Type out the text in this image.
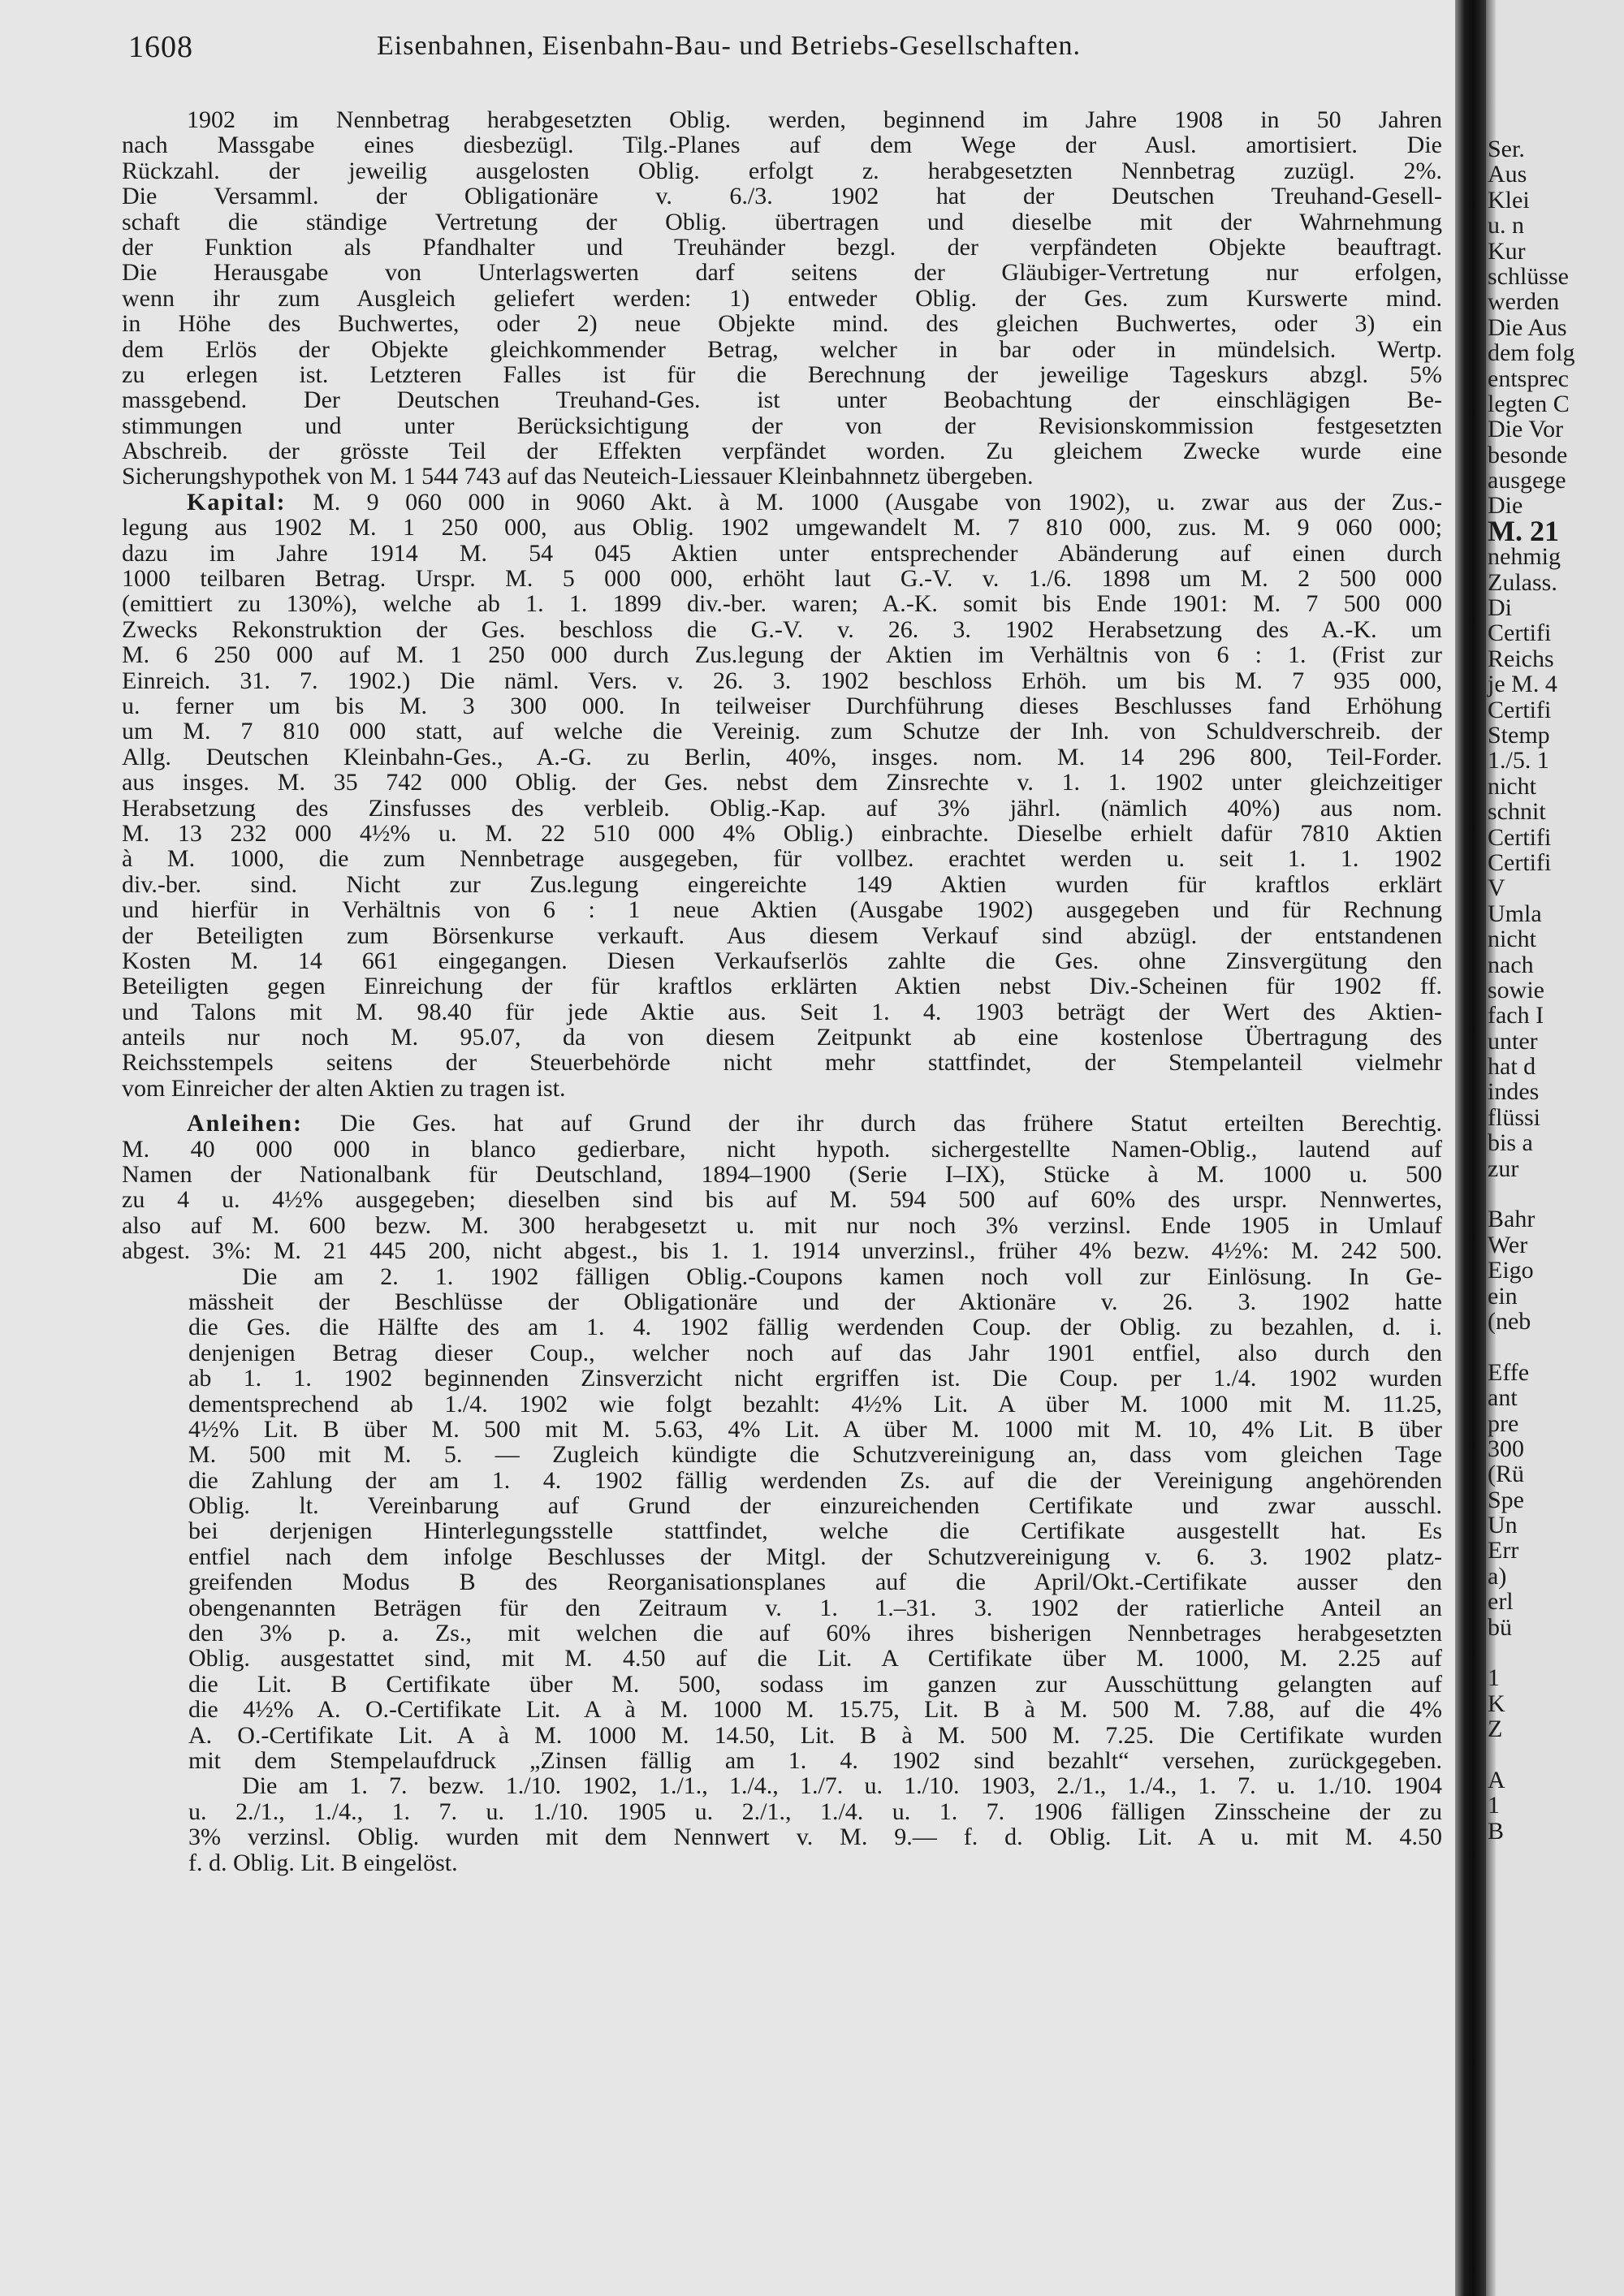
1608	Eisenbahnen, Eisenbahn-Bau- und Betriebs-Gesellschaften.
1902 im Nennbetrag herabgesetzten Oblig. werden, beginnend im Jahre 1908 in 50 Jahren
nach Massgabe eines diesbezügl. Tilg.-Planes auf dem Wege der Ausl. amortisiert. Die
Rückzahl. der jeweilig ausgelosten Oblig. erfolgt z. herabgesetzten Nennbetrag zuzügl. 2%.
Die Versamml. der Obligationäre v. 6./3. 1902 hat der Deutschen Treuhand-Gesell-
schaft die ständige Vertretung der Oblig. übertragen und dieselbe mit der Wahrnehmung
der Funktion als Pfandhalter und Treuhänder bezgl. der verpfändeten Objekte beauftragt.
Die Herausgabe von Unterlagswerten darf seitens der Gläubiger-Vertretung nur erfolgen,
wenn ihr zum Ausgleich geliefert werden: 1) entweder Oblig. der Ges. zum Kurswerte mind.
in Höhe des Buchwertes, oder 2) neue Objekte mind. des gleichen Buchwertes, oder 3) ein
dem Erlös der Objekte gleichkommender Betrag, welcher in bar oder in mündelsich. Wertp.
zu erlegen ist. Letzteren Falles ist für die Berechnung der jeweilige Tageskurs abzgl. 5%
massgebend. Der Deutschen Treuhand-Ges. ist unter Beobachtung der einschlägigen Be-
stimmungen und unter Berücksichtigung der von der Revisionskommission festgesetzten
Abschreib. der grösste Teil der Effekten verpfändet worden. Zu gleichem Zwecke wurde eine
Sicherungshypothek von M. 1 544 743 auf das Neuteich-Liessauer Kleinbahnnetz übergeben.
Kapital: M. 9 060 000 in 9060 Akt. à M. 1000 (Ausgabe von 1902), u. zwar aus der Zus.-
legung aus 1902 M. 1 250 000, aus Oblig. 1902 umgewandelt M. 7 810 000, zus. M. 9 060 000;
dazu im Jahre 1914 M. 54 045 Aktien unter entsprechender Abänderung auf einen durch
1000 teilbaren Betrag. Urspr. M. 5 000 000, erhöht laut G.-V. v. 1./6. 1898 um M. 2 500 000
(emittiert zu 130%), welche ab 1. 1. 1899 div.-ber. waren; A.-K. somit bis Ende 1901: M. 7 500 000
Zwecks Rekonstruktion der Ges. beschloss die G.-V. v. 26. 3. 1902 Herabsetzung des A.-K. um
M. 6 250 000 auf M. 1 250 000 durch Zus.legung der Aktien im Verhältnis von 6 : 1. (Frist zur
Einreich. 31. 7. 1902.) Die näml. Vers. v. 26. 3. 1902 beschloss Erhöh. um bis M. 7 935 000,
u. ferner um bis M. 3 300 000. In teilweiser Durchführung dieses Beschlusses fand Erhöhung
um M. 7 810 000 statt, auf welche die Vereinig. zum Schutze der Inh. von Schuldverschreib. der
Allg. Deutschen Kleinbahn-Ges., A.-G. zu Berlin, 40%, insges. nom. M. 14 296 800, Teil-Forder.
aus insges. M. 35 742 000 Oblig. der Ges. nebst dem Zinsrechte v. 1. 1. 1902 unter gleichzeitiger
Herabsetzung des Zinsfusses des verbleib. Oblig.-Kap. auf 3% jährl. (nämlich 40%) aus nom.
M. 13 232 000 4½% u. M. 22 510 000 4% Oblig.) einbrachte. Dieselbe erhielt dafür 7810 Aktien
à M. 1000, die zum Nennbetrage ausgegeben, für vollbez. erachtet werden u. seit 1. 1. 1902
div.-ber. sind. Nicht zur Zus.legung eingereichte 149 Aktien wurden für kraftlos erklärt
und hierfür in Verhältnis von 6 : 1 neue Aktien (Ausgabe 1902) ausgegeben und für Rechnung
der Beteiligten zum Börsenkurse verkauft. Aus diesem Verkauf sind abzügl. der entstandenen
Kosten M. 14 661 eingegangen. Diesen Verkaufserlös zahlte die Ges. ohne Zinsvergütung den
Beteiligten gegen Einreichung der für kraftlos erklärten Aktien nebst Div.-Scheinen für 1902 ff.
und Talons mit M. 98.40 für jede Aktie aus. Seit 1. 4. 1903 beträgt der Wert des Aktien-
anteils nur noch M. 95.07, da von diesem Zeitpunkt ab eine kostenlose Übertragung des
Reichsstempels seitens der Steuerbehörde nicht mehr stattfindet, der Stempelanteil vielmehr
vom Einreicher der alten Aktien zu tragen ist.
Anleihen: Die Ges. hat auf Grund der ihr durch das frühere Statut erteilten Berechtig.
M. 40 000 000 in blanco gedierbare, nicht hypoth. sichergestellte Namen-Oblig., lautend auf
Namen der Nationalbank für Deutschland, 1894–1900 (Serie I–IX), Stücke à M. 1000 u. 500
zu 4 u. 4½% ausgegeben; dieselben sind bis auf M. 594 500 auf 60% des urspr. Nennwertes,
also auf M. 600 bezw. M. 300 herabgesetzt u. mit nur noch 3% verzinsl. Ende 1905 in Umlauf
abgest. 3%: M. 21 445 200, nicht abgest., bis 1. 1. 1914 unverzinsl., früher 4% bezw. 4½%: M. 242 500.
Die am 2. 1. 1902 fälligen Oblig.-Coupons kamen noch voll zur Einlösung. In Ge-
mässheit der Beschlüsse der Obligationäre und der Aktionäre v. 26. 3. 1902 hatte
die Ges. die Hälfte des am 1. 4. 1902 fällig werdenden Coup. der Oblig. zu bezahlen, d. i.
denjenigen Betrag dieser Coup., welcher noch auf das Jahr 1901 entfiel, also durch den
ab 1. 1. 1902 beginnenden Zinsverzicht nicht ergriffen ist. Die Coup. per 1./4. 1902 wurden
dementsprechend ab 1./4. 1902 wie folgt bezahlt: 4½% Lit. A über M. 1000 mit M. 11.25,
4½% Lit. B über M. 500 mit M. 5.63, 4% Lit. A über M. 1000 mit M. 10, 4% Lit. B über
M. 500 mit M. 5. — Zugleich kündigte die Schutzvereinigung an, dass vom gleichen Tage
die Zahlung der am 1. 4. 1902 fällig werdenden Zs. auf die der Vereinigung angehörenden
Oblig. lt. Vereinbarung auf Grund der einzureichenden Certifikate und zwar ausschl.
bei derjenigen Hinterlegungsstelle stattfindet, welche die Certifikate ausgestellt hat. Es
entfiel nach dem infolge Beschlusses der Mitgl. der Schutzvereinigung v. 6. 3. 1902 platz-
greifenden Modus B des Reorganisationsplanes auf die April/Okt.-Certifikate ausser den
obengenannten Beträgen für den Zeitraum v. 1. 1.–31. 3. 1902 der ratierliche Anteil an
den 3% p. a. Zs., mit welchen die auf 60% ihres bisherigen Nennbetrages herabgesetzten
Oblig. ausgestattet sind, mit M. 4.50 auf die Lit. A Certifikate über M. 1000, M. 2.25 auf
die Lit. B Certifikate über M. 500, sodass im ganzen zur Ausschüttung gelangten auf
die 4½% A. O.-Certifikate Lit. A à M. 1000 M. 15.75, Lit. B à M. 500 M. 7.88, auf die 4%
A. O.-Certifikate Lit. A à M. 1000 M. 14.50, Lit. B à M. 500 M. 7.25. Die Certifikate wurden
mit dem Stempelaufdruck „Zinsen fällig am 1. 4. 1902 sind bezahlt“ versehen, zurückgegeben.
Die am 1. 7. bezw. 1./10. 1902, 1./1., 1./4., 1./7. u. 1./10. 1903, 2./1., 1./4., 1. 7. u. 1./10. 1904
u. 2./1., 1./4., 1. 7. u. 1./10. 1905 u. 2./1., 1./4. u. 1. 7. 1906 fälligen Zinsscheine der zu
3% verzinsl. Oblig. wurden mit dem Nennwert v. M. 9.— f. d. Oblig. Lit. A u. mit M. 4.50
f. d. Oblig. Lit. B eingelöst.
Ser.
Aus
Klei
u. n
Kur
schlüsse
werden
Die Aus
dem folg
entsprec
legten C
Die Vor
besonde
ausgege
Die
M. 21
nehmig
Zulass.
Di
Certifi
Reichs
je M. 4
Certifi
Stemp
1./5. 1
nicht
schnit
Certifi
Certifi
V
Umla
nicht
nach
sowie
fach I
unter
hat d
indes
flüssi
bis a
zur
Bahr
Wer
Eigo
ein
(neb
Effe
ant
pre
300
(Rü
Spe
Un
Err
a)
erl
bü
1
K
Z
A
1
B
